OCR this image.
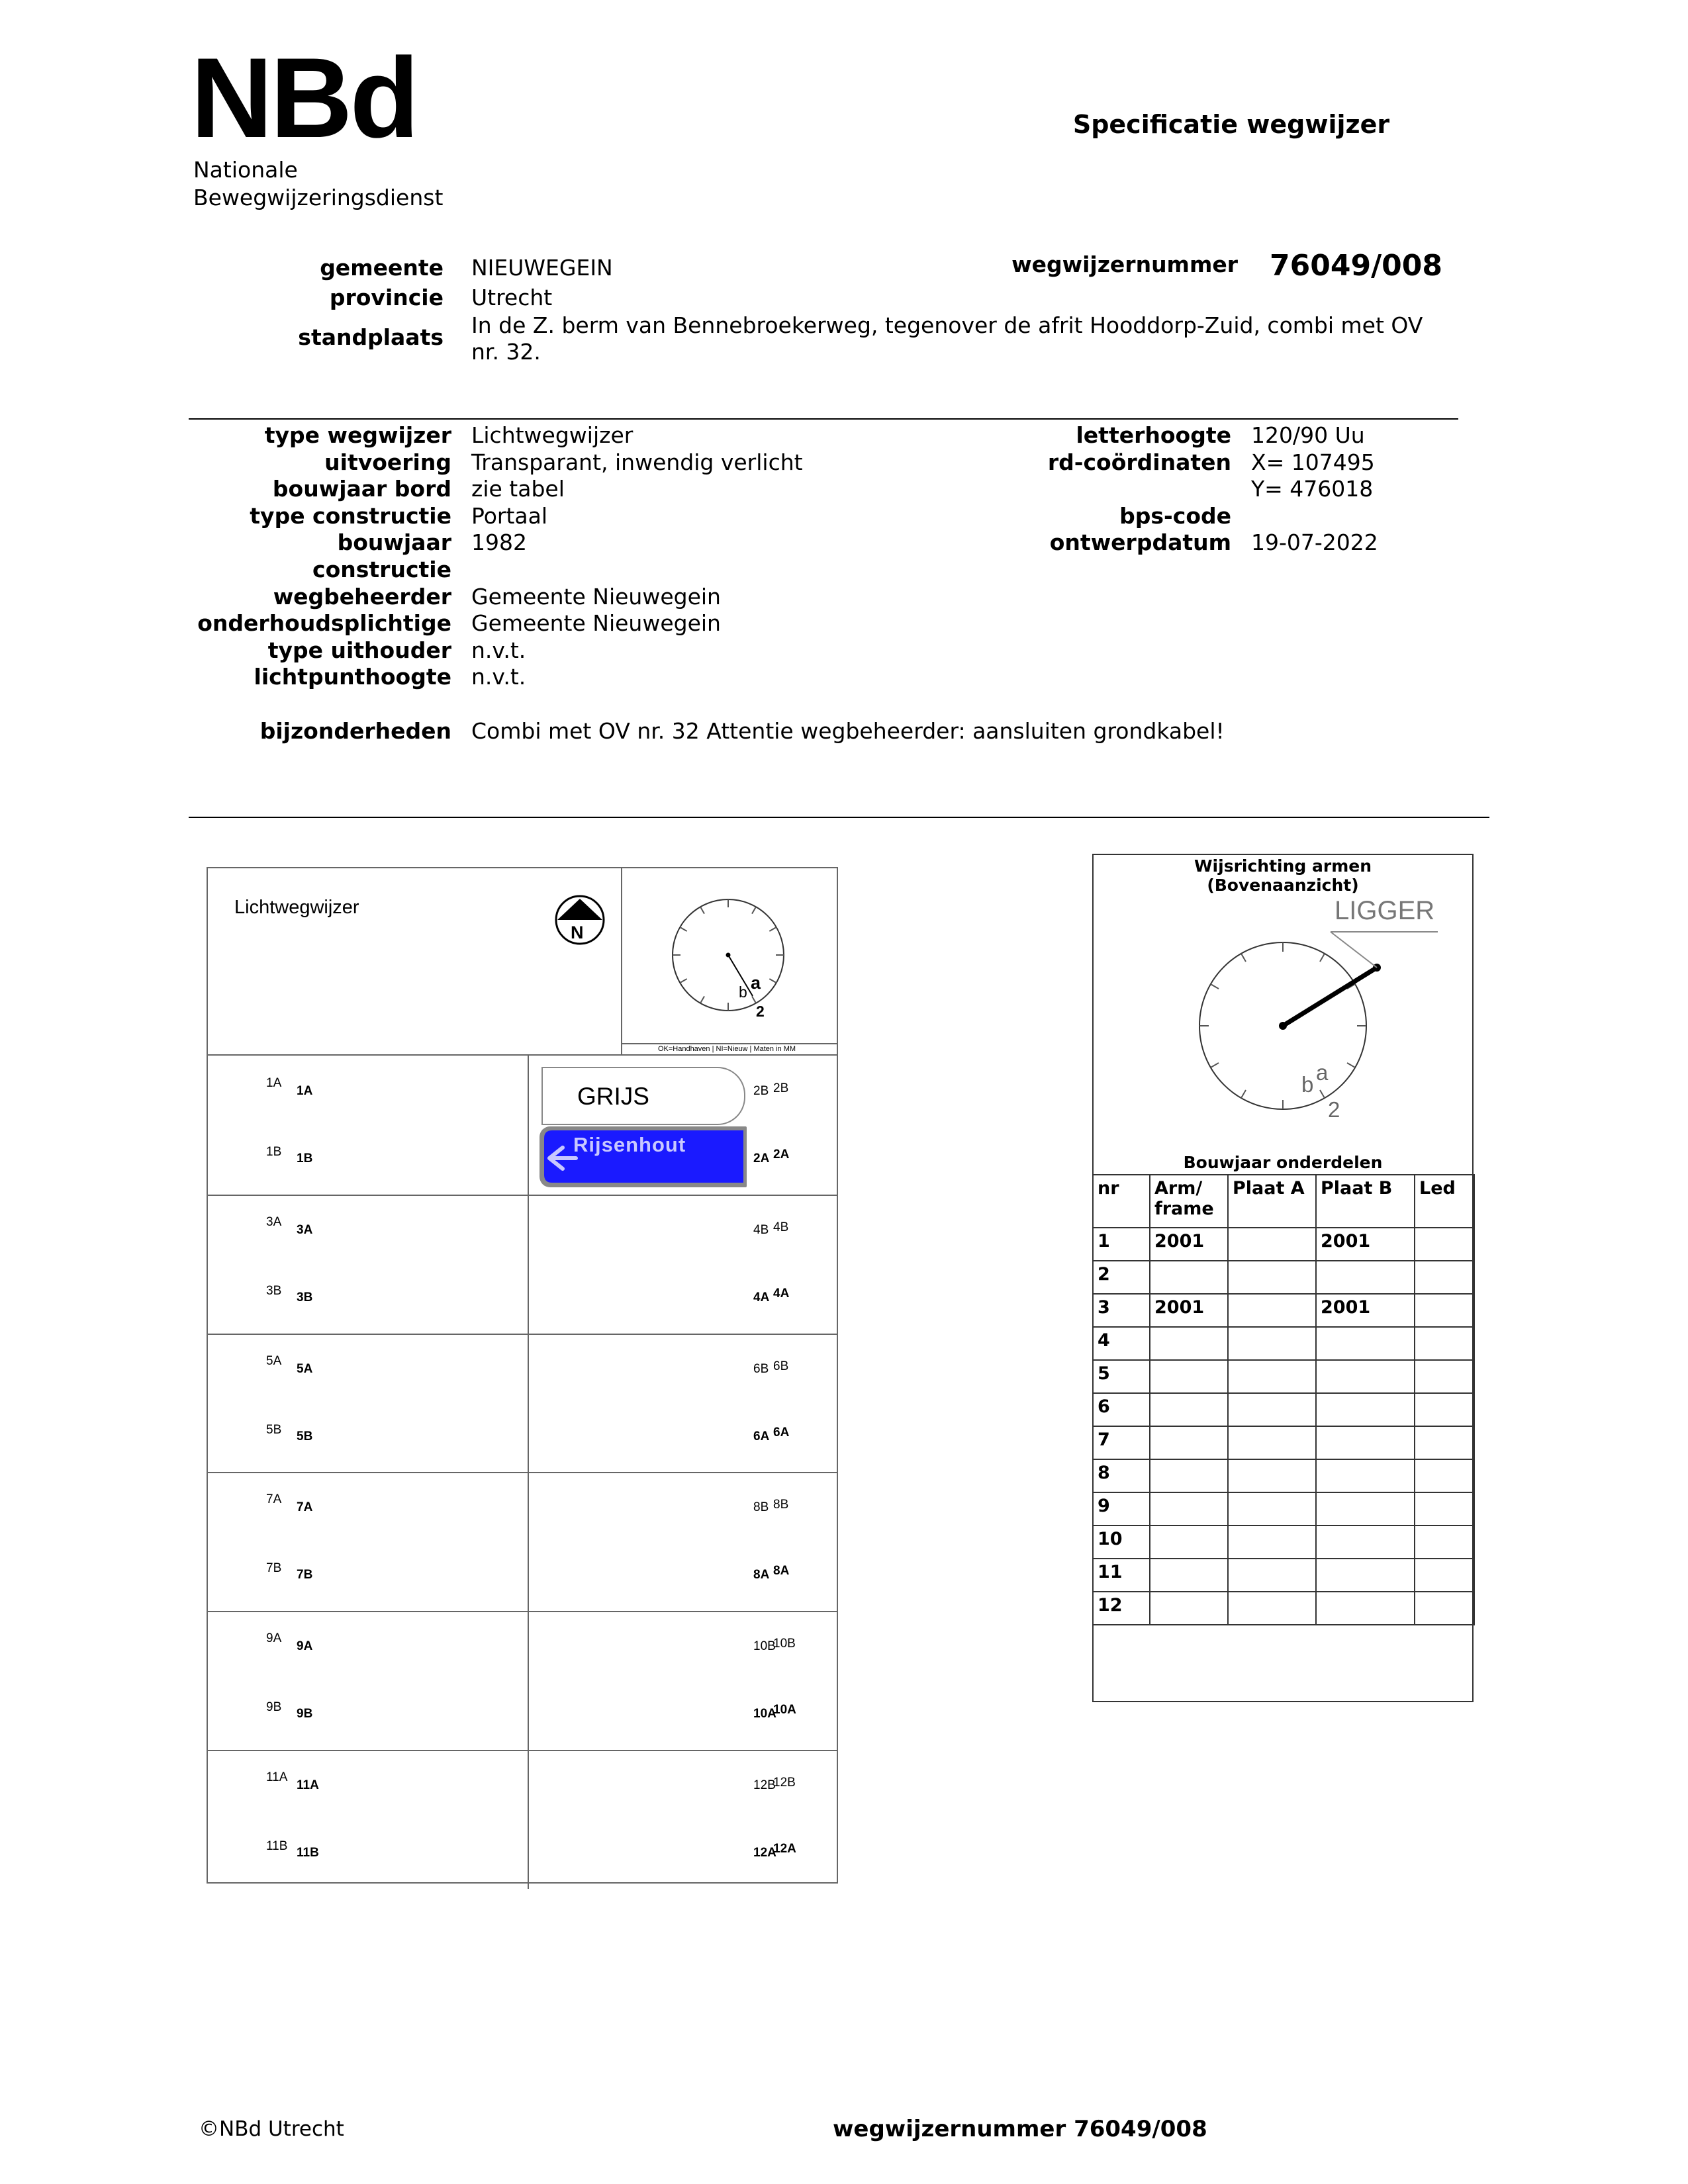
NBd
Nationale
Bewegwijzeringsdienst
Specificatie wegwijzer
gemeente NIEUWEGEIN
provincie Utrecht
standplaats In de Z. berm van Bennebroekerweg, tegenover de afrit Hooddorp-Zuid, combi met OV
nr. 32.
wegwijzernummer 76049/008
type wegwijzer Lichtwegwijzer
uitvoering Transparant, inwendig verlicht
bouwjaar bord zie tabel
type constructie Portaal
bouwjaar 1982
constructie
wegbeheerder Gemeente Nieuwegein
onderhoudsplichtige Gemeente Nieuwegein
type uithouder n.v.t.
lichtpunthoogte n.v.t.
letterhoogte 120/90 Uu
rd-coördinaten X= 107495
Y= 476018
bps-code
ontwerpdatum 19-07-2022
bijzonderheden Combi met OV nr. 32 Attentie wegbeheerder: aansluiten grondkabel!
OK=Handhaven | NI=Nieuw | Maten in MM
Lichtwegwijzer
N
a
b
2
1A
1A
1B 1B
2B 2B
2A 2A
3A
3A
3B 3B
4B 4B
4A 4A
5A
5A
5B 5B
6B 6B
6A 6A
7A
7A
7B 7B
8B 8B
8A 8A
9A
9A
9B 9B
10B
10B
10A
10A
11A
11A
11B 11B
12B
12B
12A
12A
GRIJS
Rijsenhout
Wijsrichting armen
(Bovenaanzicht)
LIGGER
a
b
2
Bouwjaar onderdelen
nr	Arm/ frame	Plaat A	Plaat B	Led
1	2001		2001	
2				
3	2001		2001	
4				
5				
6				
7				
8				
9				
10				
11				
12				
©NBd Utrecht	wegwijzernummer 76049/008
